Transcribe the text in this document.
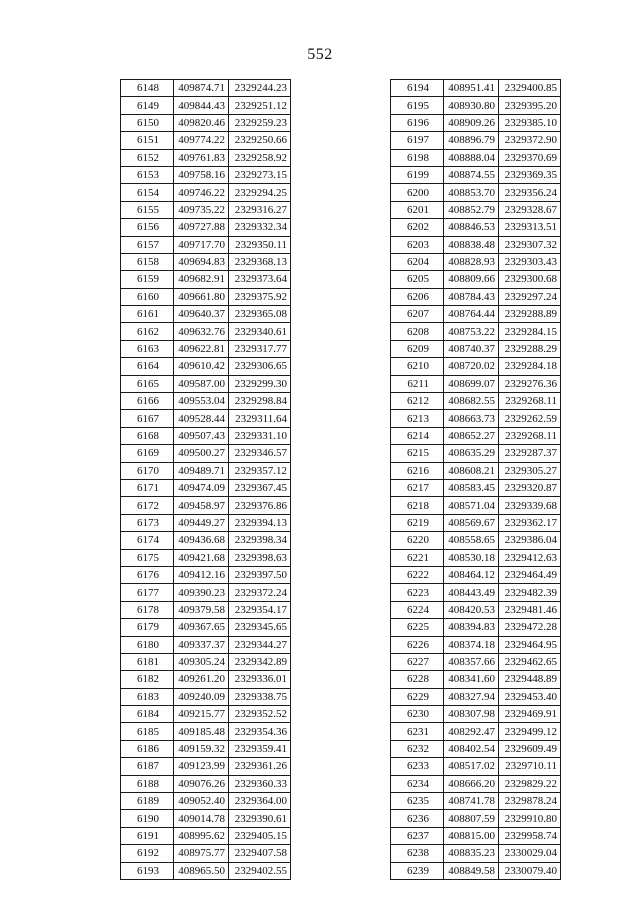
552
6148	409874.71	2329244.23
6149	409844.43	2329251.12
6150	409820.46	2329259.23
6151	409774.22	2329250.66
6152	409761.83	2329258.92
6153	409758.16	2329273.15
6154	409746.22	2329294.25
6155	409735.22	2329316.27
6156	409727.88	2329332.34
6157	409717.70	2329350.11
6158	409694.83	2329368.13
6159	409682.91	2329373.64
6160	409661.80	2329375.92
6161	409640.37	2329365.08
6162	409632.76	2329340.61
6163	409622.81	2329317.77
6164	409610.42	2329306.65
6165	409587.00	2329299.30
6166	409553.04	2329298.84
6167	409528.44	2329311.64
6168	409507.43	2329331.10
6169	409500.27	2329346.57
6170	409489.71	2329357.12
6171	409474.09	2329367.45
6172	409458.97	2329376.86
6173	409449.27	2329394.13
6174	409436.68	2329398.34
6175	409421.68	2329398.63
6176	409412.16	2329397.50
6177	409390.23	2329372.24
6178	409379.58	2329354.17
6179	409367.65	2329345.65
6180	409337.37	2329344.27
6181	409305.24	2329342.89
6182	409261.20	2329336.01
6183	409240.09	2329338.75
6184	409215.77	2329352.52
6185	409185.48	2329354.36
6186	409159.32	2329359.41
6187	409123.99	2329361.26
6188	409076.26	2329360.33
6189	409052.40	2329364.00
6190	409014.78	2329390.61
6191	408995.62	2329405.15
6192	408975.77	2329407.58
6193	408965.50	2329402.55
6194	408951.41	2329400.85
6195	408930.80	2329395.20
6196	408909.26	2329385.10
6197	408896.79	2329372.90
6198	408888.04	2329370.69
6199	408874.55	2329369.35
6200	408853.70	2329356.24
6201	408852.79	2329328.67
6202	408846.53	2329313.51
6203	408838.48	2329307.32
6204	408828.93	2329303.43
6205	408809.66	2329300.68
6206	408784.43	2329297.24
6207	408764.44	2329288.89
6208	408753.22	2329284.15
6209	408740.37	2329288.29
6210	408720.02	2329284.18
6211	408699.07	2329276.36
6212	408682.55	2329268.11
6213	408663.73	2329262.59
6214	408652.27	2329268.11
6215	408635.29	2329287.37
6216	408608.21	2329305.27
6217	408583.45	2329320.87
6218	408571.04	2329339.68
6219	408569.67	2329362.17
6220	408558.65	2329386.04
6221	408530.18	2329412.63
6222	408464.12	2329464.49
6223	408443.49	2329482.39
6224	408420.53	2329481.46
6225	408394.83	2329472.28
6226	408374.18	2329464.95
6227	408357.66	2329462.65
6228	408341.60	2329448.89
6229	408327.94	2329453.40
6230	408307.98	2329469.91
6231	408292.47	2329499.12
6232	408402.54	2329609.49
6233	408517.02	2329710.11
6234	408666.20	2329829.22
6235	408741.78	2329878.24
6236	408807.59	2329910.80
6237	408815.00	2329958.74
6238	408835.23	2330029.04
6239	408849.58	2330079.40
